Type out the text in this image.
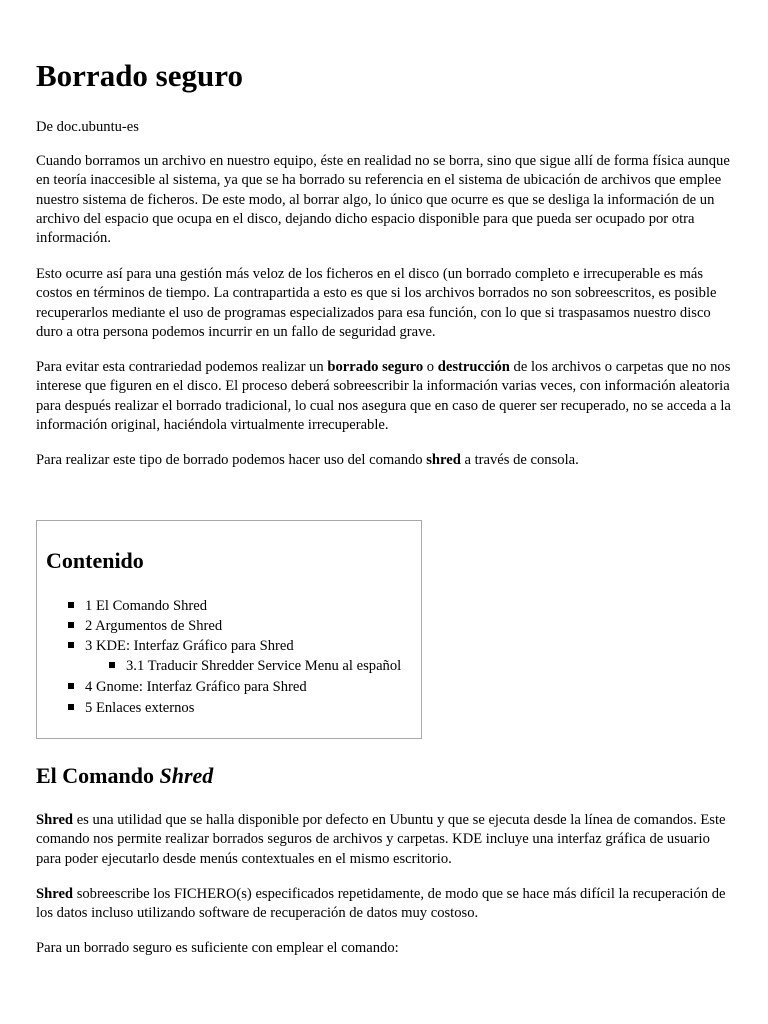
Borrado seguro
De doc.ubuntu-es

Cuando borramos un archivo en nuestro equipo, éste en realidad no se borra, sino que sigue allí de forma física aunque en teoría inaccesible al sistema, ya que se ha borrado su referencia en el sistema de ubicación de archivos que emplee nuestro sistema de ficheros. De este modo, al borrar algo, lo único que ocurre es que se desliga la información de un archivo del espacio que ocupa en el disco, dejando dicho espacio disponible para que pueda ser ocupado por otra información.

Esto ocurre así para una gestión más veloz de los ficheros en el disco (un borrado completo e irrecuperable es más costos en términos de tiempo. La contrapartida a esto es que si los archivos borrados no son sobreescritos, es posible recuperarlos mediante el uso de programas especializados para esa función, con lo que si traspasamos nuestro disco duro a otra persona podemos incurrir en un fallo de seguridad grave.

Para evitar esta contrariedad podemos realizar un borrado seguro o destrucción de los archivos o carpetas que no nos interese que figuren en el disco. El proceso deberá sobreescribir la información varias veces, con información aleatoria para después realizar el borrado tradicional, lo cual nos asegura que en caso de querer ser recuperado, no se acceda a la información original, haciéndola virtualmente irrecuperable.

Para realizar este tipo de borrado podemos hacer uso del comando shred a través de consola.

Contenido
1 El Comando Shred
2 Argumentos de Shred
3 KDE: Interfaz Gráfico para Shred
3.1 Traducir Shredder Service Menu al español
4 Gnome: Interfaz Gráfico para Shred
5 Enlaces externos
El Comando Shred

Shred es una utilidad que se halla disponible por defecto en Ubuntu y que se ejecuta desde la línea de comandos. Este comando nos permite realizar borrados seguros de archivos y carpetas. KDE incluye una interfaz gráfica de usuario para poder ejecutarlo desde menús contextuales en el mismo escritorio.

Shred sobreescribe los FICHERO(s) especificados repetidamente, de modo que se hace más difícil la recuperación de los datos incluso utilizando software de recuperación de datos muy costoso.

Para un borrado seguro es suficiente con emplear el comando:
